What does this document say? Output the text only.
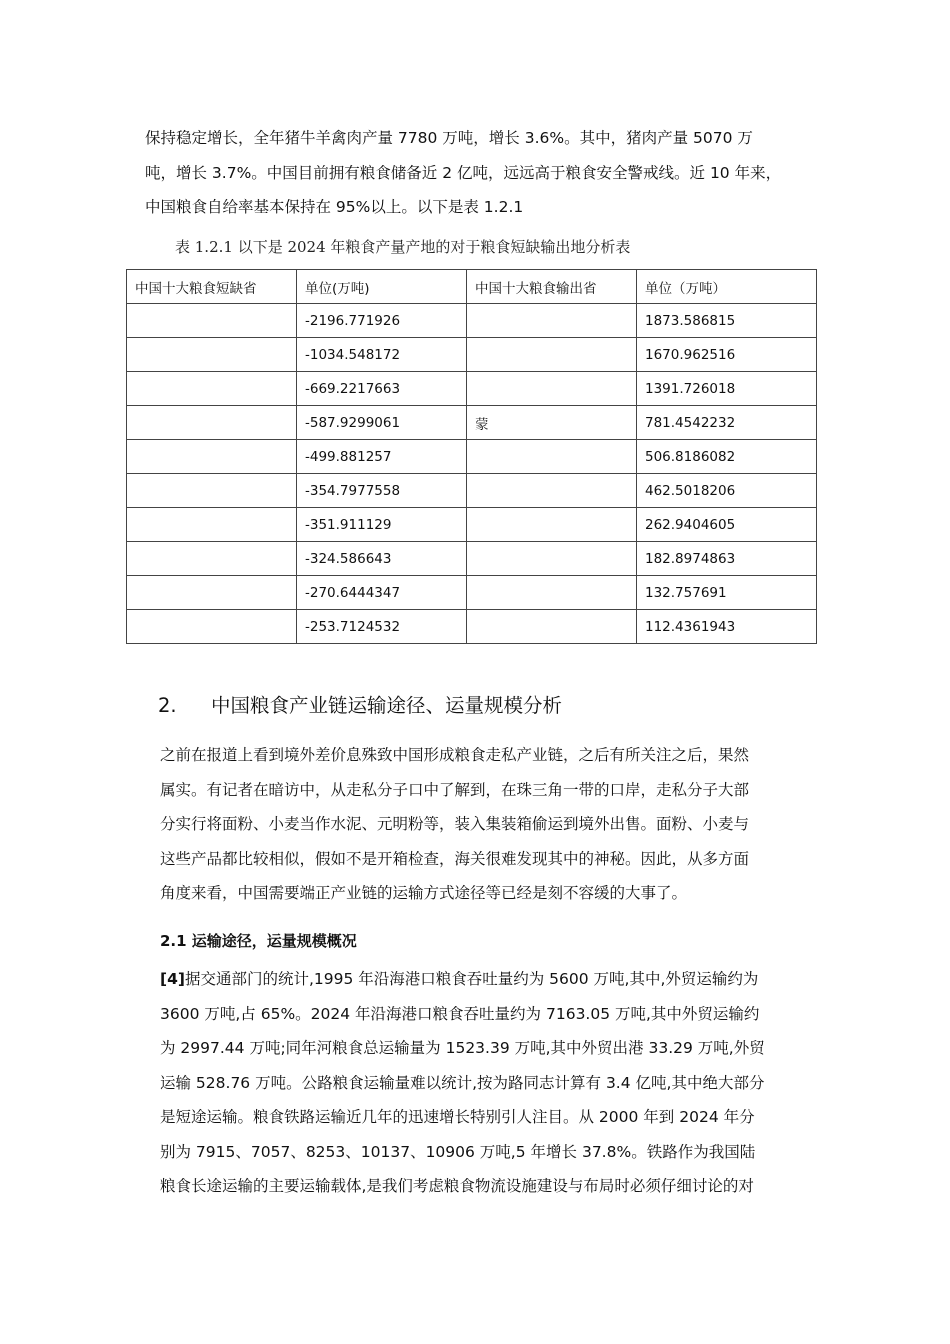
保持稳定增长，全年猪牛羊禽肉产量 7780 万吨，增长 3.6%。其中，猪肉产量 5070 万

吨，增长 3.7%。中国目前拥有粮食储备近 2 亿吨，远远高于粮食安全警戒线。近 10 年来，

中国粮食自给率基本保持在 95%以上。以下是表 1.2.1

表 1.2.1 以下是 2024 年粮食产量产地的对于粮食短缺输出地分析表
中国十大粮食短缺省	单位(万吨)	中国十大粮食输出省	单位（万吨）
	-2196.771926		1873.586815
	-1034.548172		1670.962516
	-669.2217663		1391.726018
	-587.9299061	蒙	781.4542232
	-499.881257		506.8186082
	-354.7977558		462.5018206
	-351.911129		262.9404605
	-324.586643		182.8974863
	-270.6444347		132.757691
	-253.7124532		112.4361943
2. 中国粮食产业链运输途径、运量规模分析

之前在报道上看到境外差价息殊致中国形成粮食走私产业链，之后有所关注之后，果然

属实。有记者在暗访中，从走私分子口中了解到，在珠三角一带的口岸，走私分子大部

分实行将面粉、小麦当作水泥、元明粉等，装入集装箱偷运到境外出售。面粉、小麦与

这些产品都比较相似，假如不是开箱检查，海关很难发现其中的神秘。因此，从多方面

角度来看，中国需要端正产业链的运输方式途径等已经是刻不容缓的大事了。

2.1 运输途径，运量规模概况

[4]据交通部门的统计,1995 年沿海港口粮食吞吐量约为 5600 万吨,其中,外贸运输约为

3600 万吨,占 65%。2024 年沿海港口粮食吞吐量约为 7163.05 万吨,其中外贸运输约

为 2997.44 万吨;同年河粮食总运输量为 1523.39 万吨,其中外贸出港 33.29 万吨,外贸

运输 528.76 万吨。公路粮食运输量难以统计,按为路同志计算有 3.4 亿吨,其中绝大部分

是短途运输。粮食铁路运输近几年的迅速增长特别引人注目。从 2000 年到 2024 年分

别为 7915、7057、8253、10137、10906 万吨,5 年增长 37.8%。铁路作为我国陆

粮食长途运输的主要运输载体,是我们考虑粮食物流设施建设与布局时必须仔细讨论的对
